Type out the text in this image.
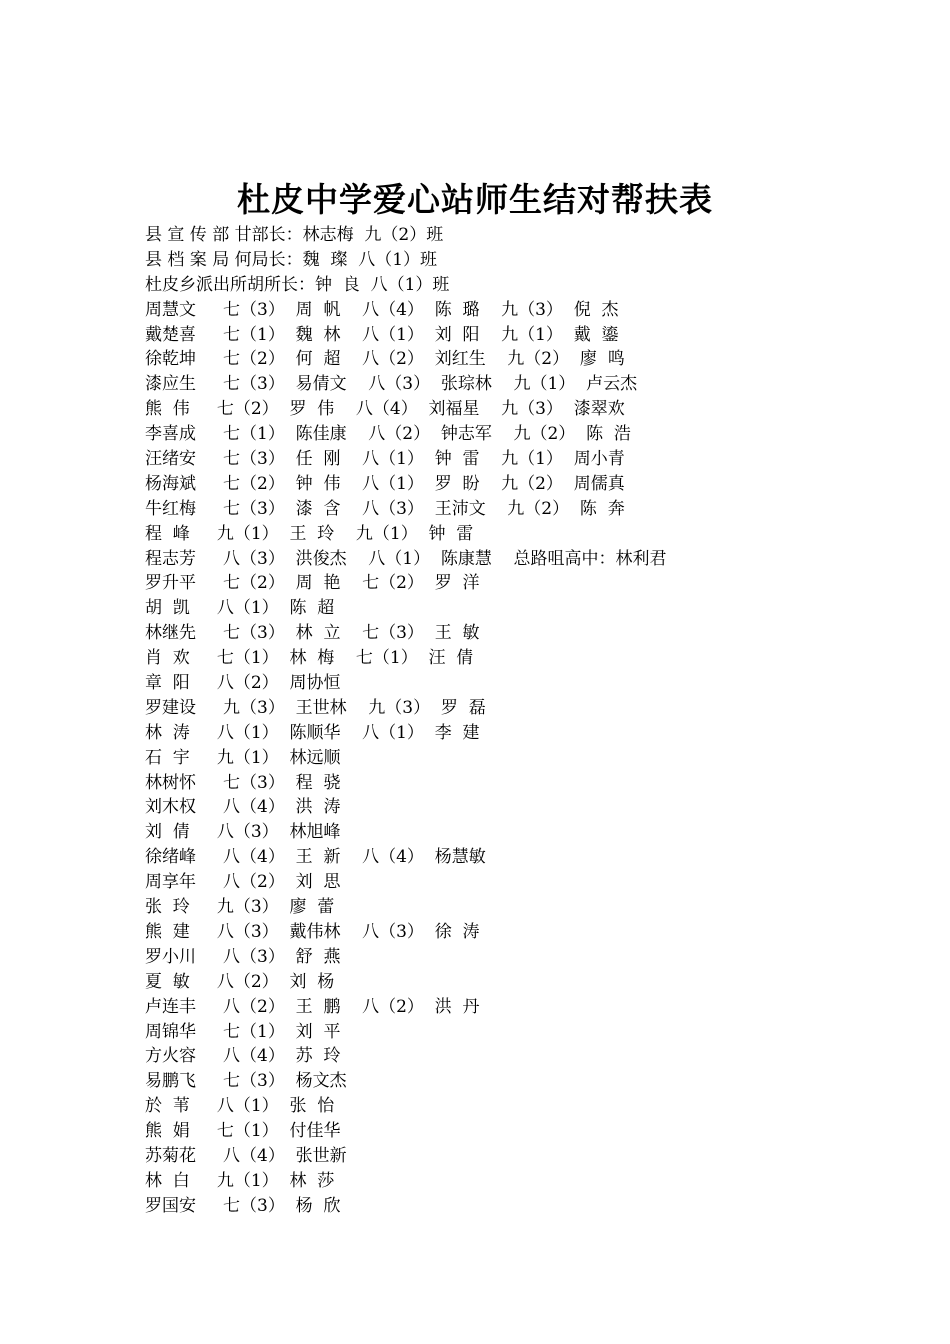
杜皮中学爱心站师生结对帮扶表
县 宣 传 部 甘部长：林志梅  九（2）班
县 档 案 局 何局长：魏  璨  八（1）班
杜皮乡派出所胡所长：钟  良  八（1）班
周慧文     七（3）  周  帆    八（4）  陈  璐    九（3）  倪  杰
戴楚喜     七（1）  魏  林    八（1）  刘  阳    九（1）  戴  鎏
徐乾坤     七（2）  何  超    八（2）  刘红生    九（2）  廖  鸣
漆应生     七（3）  易倩文    八（3）  张琮林    九（1）  卢云杰
熊  伟     七（2）  罗  伟    八（4）  刘福星    九（3）  漆翠欢
李喜成     七（1）  陈佳康    八（2）  钟志军    九（2）  陈  浩
汪绪安     七（3）  任  刚    八（1）  钟  雷    九（1）  周小青
杨海斌     七（2）  钟  伟    八（1）  罗  盼    九（2）  周儒真
牛红梅     七（3）  漆  含    八（3）  王沛文    九（2）  陈  奔
程  峰     九（1）  王  玲    九（1）  钟  雷
程志芳     八（3）  洪俊杰    八（1）  陈康慧    总路咀高中：林利君
罗升平     七（2）  周  艳    七（2）  罗  洋
胡  凯     八（1）  陈  超
林继先     七（3）  林  立    七（3）  王  敏
肖  欢     七（1）  林  梅    七（1）  汪  倩
章  阳     八（2）  周协恒
罗建设     九（3）  王世林    九（3）  罗  磊
林  涛     八（1）  陈顺华    八（1）  李  建
石  宇     九（1）  林远顺
林树怀     七（3）  程  骁
刘木权     八（4）  洪  涛
刘  倩     八（3）  林旭峰
徐绪峰     八（4）  王  新    八（4）  杨慧敏
周享年     八（2）  刘  思
张  玲     九（3）  廖  蕾
熊  建     八（3）  戴伟林    八（3）  徐  涛
罗小川     八（3）  舒  燕
夏  敏     八（2）  刘  杨
卢连丰     八（2）  王  鹏    八（2）  洪  丹
周锦华     七（1）  刘  平
方火容     八（4）  苏  玲
易鹏飞     七（3）  杨文杰
於  苇     八（1）  张  怡
熊  娟     七（1）  付佳华
苏菊花     八（4）  张世新
林  白     九（1）  林  莎
罗国安     七（3）  杨  欣
